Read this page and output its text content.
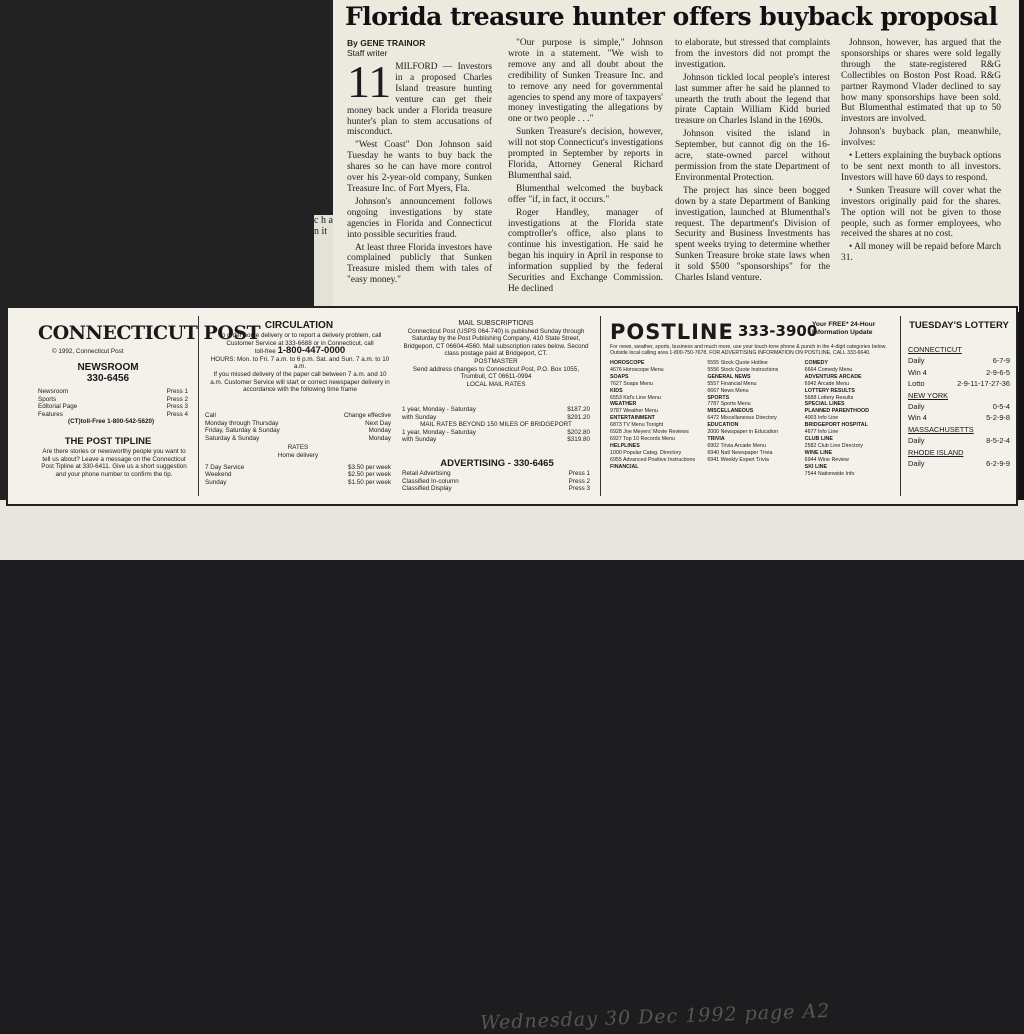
c h a n it
Florida treasure hunter offers buyback proposal
By GENE TRAINOR
Staff writer

11 MILFORD — Investors in a proposed Charles Island treasure hunting venture can get their money back under a Florida treasure hunter's plan to stem accusations of misconduct.

"West Coast" Don Johnson said Tuesday he wants to buy back the shares so he can have more control over his 2-year-old company, Sunken Treasure Inc. of Fort Myers, Fla.

Johnson's announcement follows ongoing investigations by state agencies in Florida and Connecticut into possible securities fraud.

At least three Florida investors have complained publicly that Sunken Treasure misled them with tales of "easy money."

"Our purpose is simple," Johnson wrote in a statement. "We wish to remove any and all doubt about the credibility of Sunken Treasure Inc. and to remove any need for governmental agencies to spend any more of taxpayers' money investigating the allegations by one or two people . . ."

Sunken Treasure's decision, however, will not stop Connecticut's investigations prompted in September by reports in Florida, Attorney General Richard Blumenthal said.

Blumenthal welcomed the buyback offer "if, in fact, it occurs."

Roger Handley, manager of investigations at the Florida state comptroller's office, also plans to continue his investigation. He said he began his inquiry in April in response to information supplied by the federal Securities and Exchange Commission. He declined

to elaborate, but stressed that complaints from the investors did not prompt the investigation.

Johnson tickled local people's interest last summer after he said he planned to unearth the truth about the legend that pirate Captain William Kidd buried treasure on Charles Island in the 1690s.

Johnson visited the island in September, but cannot dig on the 16-acre, state-owned parcel without permission from the state Department of Environmental Protection.

The project has since been bogged down by a state Department of Banking investigation, launched at Blumenthal's request. The department's Division of Security and Business Investments has spent weeks trying to determine whether Sunken Treasure broke state laws when it sold $500 "sponsorships" for the Charles Island venture.

Johnson, however, has argued that the sponsorships or shares were sold legally through the state-registered R&G Collectibles on Boston Post Road. R&G partner Raymond Vlader declined to say how many sponsorships have been sold. But Blumenthal estimated that up to 50 investors are involved.

Johnson's buyback plan, meanwhile, involves:

• Letters explaining the buyback options to be sent next month to all investors. Investors will have 60 days to respond.

• Sunken Treasure will cover what the investors originally paid for the shares. The option will not be given to those people, such as former employees, who received the shares at no cost.

• All money will be repaid before March 31.

Wednesday 30 Dec 1992 page A2
CONNECTICUT POST
© 1992, Connecticut Post
NEWSROOM
330-6456
Newsroom	Press 1
Sports	Press 2
Editorial Page	Press 3
Features	Press 4
(CT)toll-Free 1-800-542-5620)
THE POST TIPLINE
Are there stories or newsworthy people you want to tell us about? Leave a message on the Connecticut Post Tipline at 330-6411. Give us a short suggestion and your phone number to confirm the tip.
CIRCULATION
To order home delivery or to report a delivery problem, call Customer Service at 333-6688 or in Connecticut, call
toll-free 1-800-447-0000
HOURS: Mon. to Fri. 7 a.m. to 6 p.m. Sat. and Sun. 7 a.m. to 10 a.m.
If you missed delivery of the paper call between 7 a.m. and 10 a.m. Customer Service will start or correct newspaper delivery in accordance with the following time frame
Call	Change effective
Monday through Thursday	Next Day
Friday, Saturday & Sunday	Monday
Saturday & Sunday	Monday
RATES
Home delivery
7 Day Service	$3.50 per week
Weekend	$2.50 per week
Sunday	$1.50 per week
MAIL SUBSCRIPTIONS
Connecticut Post (USPS 064-740) is published Sunday through Saturday by the Post Publishing Company, 410 State Street, Bridgeport, CT 06604-4560. Mail subscription rates below. Second class postage paid at Bridgeport, CT.
POSTMASTER
Send address changes to Connecticut Post, P.O. Box 1055, Trumbull, CT 06611-0994
LOCAL MAIL RATES
1 year, Monday - Saturday	$187.20
with Sunday	$291.20
MAIL RATES BEYOND 150 MILES OF BRIDGEPORT
1 year, Monday - Saturday	$202.80
with Sunday	$319.80
ADVERTISING - 330-6465
Retail Advertising	Press 1
Classified In-column	Press 2
Classified Display	Press 3
POSTLINE 333-3900
Your FREE* 24-Hour Information Update
For news, weather, sports, business and much more, use your touch-tone phone & punch in the 4-digit categories below. Outside local calling area 1-800-750-7678. FOR ADVERTISING INFORMATION ON POSTLINE, CALL 333-6640.
HOROSCOPE
4676 Horoscope Menu
SOAPS
7627 Soaps Menu
KIDS
6553 Kid's Line Menu
WEATHER
9787 Weather Menu
ENTERTAINMENT
6873 TV Menu Tonight
6928 Joe Meyers' Movie Reviews
6927 Top 10 Records Menu
HELPLINES
1000 Popular Categ. Directory
6955 Advanced Positive Instructions
FINANCIAL
5555 Stock Quote Hotline
5556 Stock Quote Instructions
GENERAL NEWS
5557 Financial Menu
6667 News Menu
SPORTS
7787 Sports Menu
MISCELLANEOUS
6472 Miscellaneous Directory
EDUCATION
2000 Newspaper in Education
TRIVIA
6902 Trivia Arcade Menu
6940 Natl Newspaper Trivia
6941 Weekly Expert Trivia
COMEDY
6664 Comedy Menu
ADVENTURE ARCADE
6942 Arcade Menu
LOTTERY RESULTS
5688 Lottery Results
SPECIAL LINES
PLANNED PARENTHOOD
4003 Info Line
BRIDGEPORT HOSPITAL
4677 Info Line
CLUB LINE
2582 Club Line Directory
WINE LINE
6944 Wine Review
SKI LINE
7544 Nationwide Info
TUESDAY'S LOTTERY
CONNECTICUT
Daily	6-7-9
Win 4	2-9-6-5
Lotto	2-9-11-17-27-36
NEW YORK
Daily	0-5-4
Win 4	5-2-9-8
MASSACHUSETTS
Daily	8-5-2-4
RHODE ISLAND
Daily	6-2-9-9
